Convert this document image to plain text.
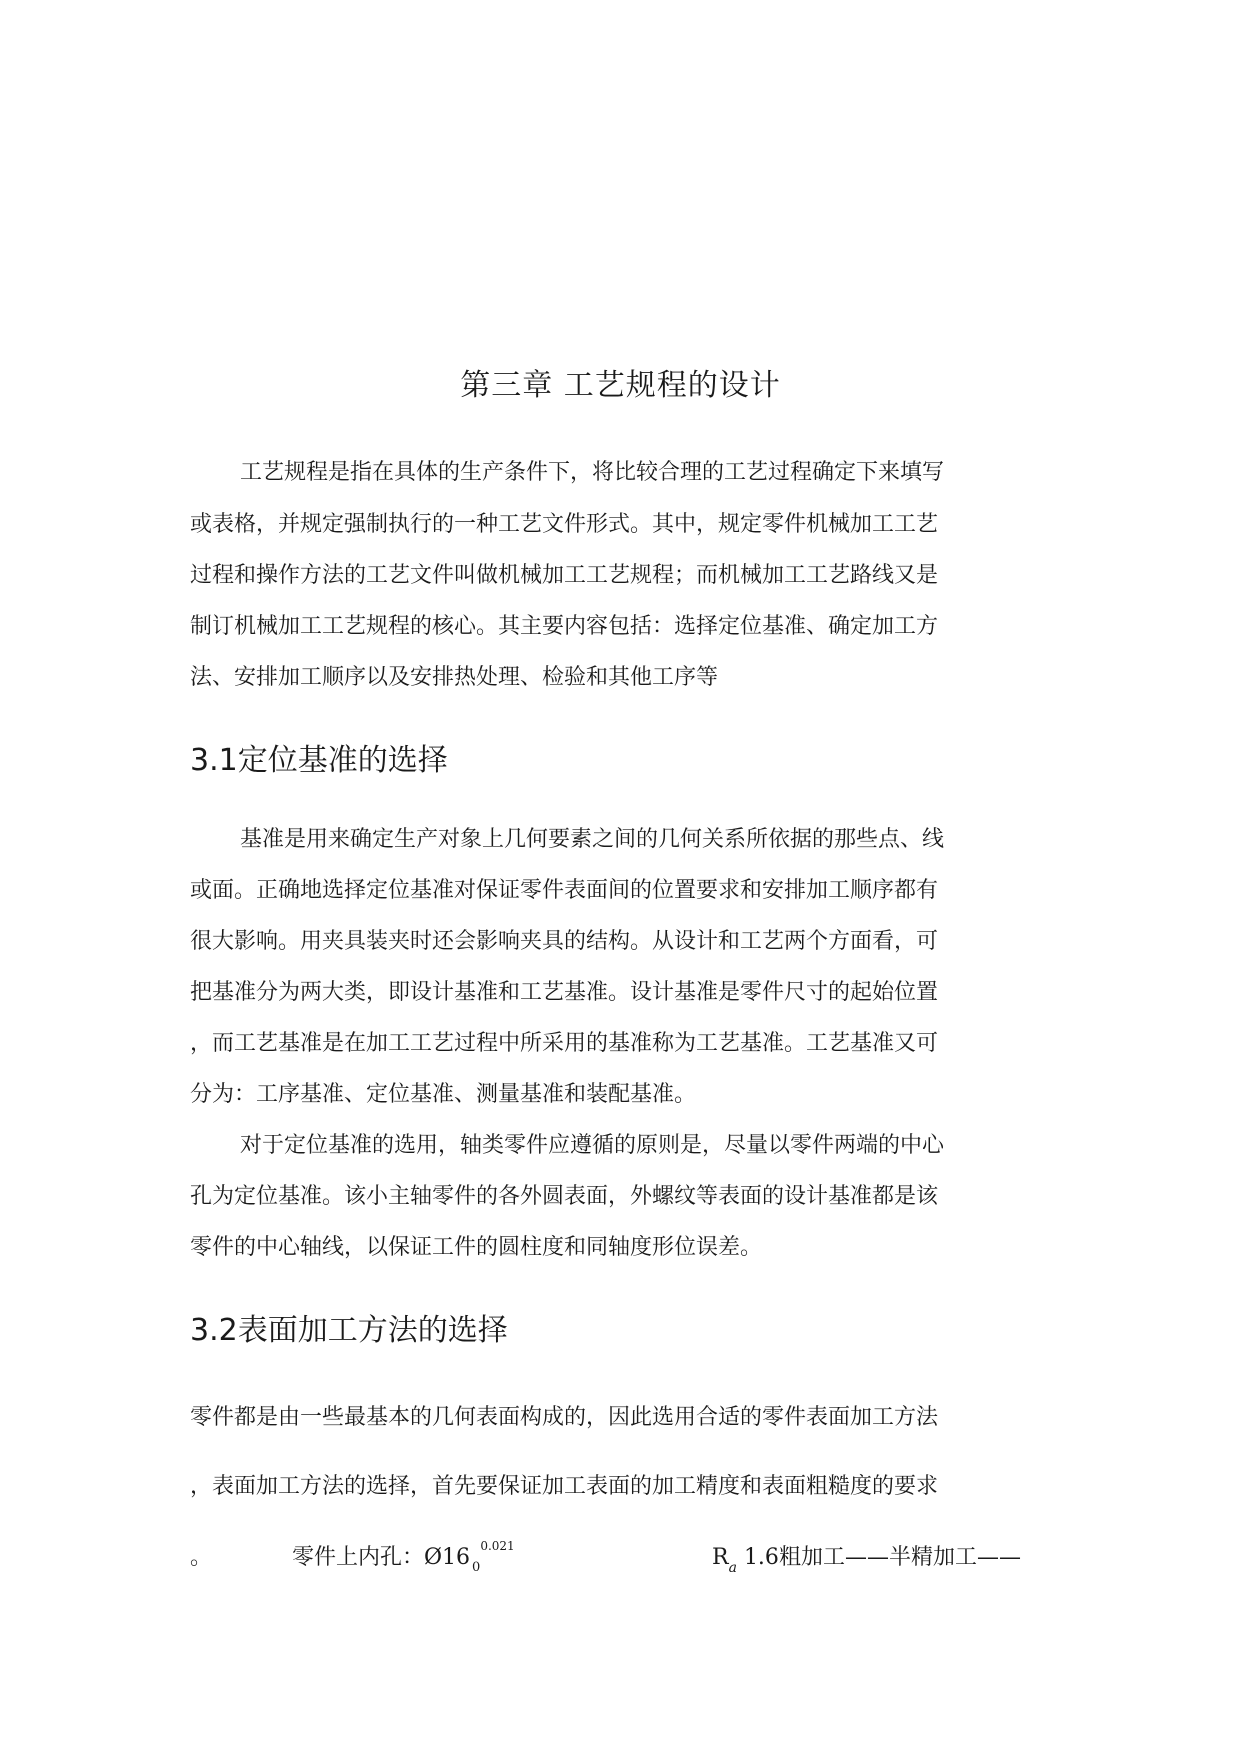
第三章 工艺规程的设计
工艺规程是指在具体的生产条件下，将比较合理的工艺过程确定下来填写
或表格，并规定强制执行的一种工艺文件形式。其中，规定零件机械加工工艺
过程和操作方法的工艺文件叫做机械加工工艺规程；而机械加工工艺路线又是
制订机械加工工艺规程的核心。其主要内容包括：选择定位基准、确定加工方
法、安排加工顺序以及安排热处理、检验和其他工序等
3.1定位基准的选择
基准是用来确定生产对象上几何要素之间的几何关系所依据的那些点、线
或面。正确地选择定位基准对保证零件表面间的位置要求和安排加工顺序都有
很大影响。用夹具装夹时还会影响夹具的结构。从设计和工艺两个方面看，可
把基准分为两大类，即设计基准和工艺基准。设计基准是零件尺寸的起始位置
，而工艺基准是在加工工艺过程中所采用的基准称为工艺基准。工艺基准又可
分为：工序基准、定位基准、测量基准和装配基准。
对于定位基准的选用，轴类零件应遵循的原则是，尽量以零件两端的中心
孔为定位基准。该小主轴零件的各外圆表面，外螺纹等表面的设计基准都是该
零件的中心轴线，以保证工件的圆柱度和同轴度形位误差。
3.2表面加工方法的选择
零件都是由一些最基本的几何表面构成的，因此选用合适的零件表面加工方法
，表面加工方法的选择，首先要保证加工表面的加工精度和表面粗糙度的要求
。	零件上内孔：Ø16 $_0^{0.021}$	$R_a$ 1.6粗加工——半精加工——
